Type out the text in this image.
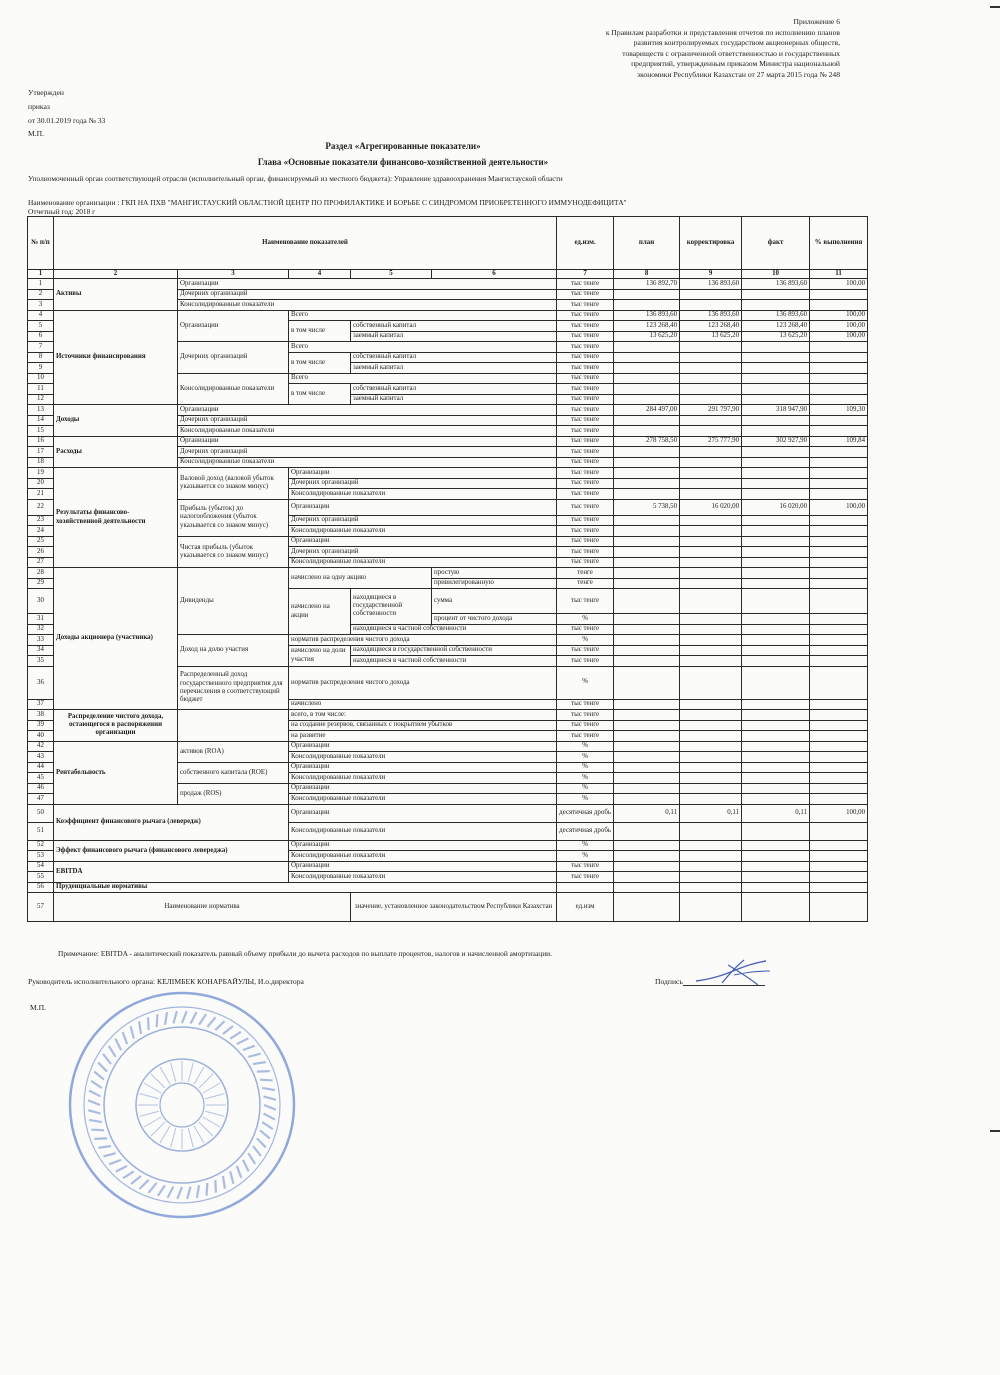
Приложение 6
к Правилам разработки и представления отчетов по исполнению планов
развития контролируемых государством акционерных обществ,
товариществ с ограниченной ответственностью и государственных
предприятий, утвержденным приказом Министра национальной
экономики Республики Казахстан от 27 марта 2015 года № 248
Утвержден
приказ
от 30.01.2019 года № 33
М.П.
Раздел «Агрегированные показатели»
Глава «Основные показатели финансово-хозяйственной деятельности»
Уполномоченный орган соответствующей отрасли (исполнительный орган, финансируемый из местного бюджета): Управление здравоохранения Мангистауской области
Наименование организации : ГКП НА ПХВ "МАНГИСТАУСКИЙ ОБЛАСТНОЙ ЦЕНТР ПО ПРОФИЛАКТИКЕ И БОРЬБЕ С СИНДРОМОМ ПРИОБРЕТЕННОГО ИММУНОДЕФИЦИТА"
Отчетный год: 2018 г
№ п/п	Наименование показателей					ед.изм.	план	корректировка	факт	% выполнения
1	2	3	4	5	6	7	8	9	10	11
1	Активы	Организации				тыс тенге	136 892,70	136 893,60	136 893,60	100,00
2		Дочерних организаций				тыс тенге				
3		Консолидированные показатели				тыс тенге				
4	Источники финансирования	Организации	Всего			тыс тенге	136 893,60	136 893,60	136 893,60	100,00
5			в том числе	собственный капитал		тыс тенге	123 268,40	123 268,40	123 268,40	100,00
6				заемный капитал		тыс тенге	13 625,20	13 625,20	13 625,20	100,00
7		Дочерних организаций	Всего			тыс тенге				
8			в том числе	собственный капитал		тыс тенге				
9				заемный капитал		тыс тенге				
10		Консолидированные показатели	Всего			тыс тенге				
11			в том числе	собственный капитал		тыс тенге				
12				заемный капитал		тыс тенге				
13	Доходы	Организации				тыс тенге	284 497,00	291 797,90	318 947,90	109,30
14		Дочерних организаций				тыс тенге				
15		Консолидированные показатели				тыс тенге				
16	Расходы	Организации				тыс тенге	278 758,50	275 777,90	302 927,90	109,84
17		Дочерних организаций				тыс тенге				
18		Консолидированные показатели				тыс тенге				
19	Результаты финансово-хозяйственной деятельности	Валовой доход (валовой убыток указывается со знаком минус)	Организации			тыс тенге				
20			Дочерних организаций			тыс тенге				
21			Консолидированные показатели			тыс тенге				
22		Прибыль (убыток) до налогообложения (убыток указывается со знаком минус)	Организации			тыс тенге	5 738,50	16 020,00	16 020,00	100,00
23			Дочерних организаций			тыс тенге				
24			Консолидированные показатели			тыс тенге				
25		Чистая прибыль (убыток указывается со знаком минус)	Организации			тыс тенге				
26			Дочерних организаций			тыс тенге				
27			Консолидированные показатели			тыс тенге				
28	Доходы акционера (участника)	Дивиденды	начислено на одну акцию		простую	тенге				
29					привилегированную	тенге				
30			начислено на акции	находящиеся в государственной собственности	сумма	тыс тенге				
31					процент от чистого дохода	%				
32				находящиеся в частной собственности		тыс тенге				
33		Доход на долю участия	норматив распределения чистого дохода			%				
34			начислено на доли участия	находящиеся в государственной собственности		тыс тенге				
35				находящиеся в частной собственности		тыс тенге				
36		Распределенный доход государственного предприятия для перечисления в соответствующий бюджет	норматив распределения чистого дохода			%				
37			начислено			тыс тенге				
38	Распределение чистого дохода, остающегося в распоряжении организации		всего, в том числе:			тыс тенге				
39			на создание резервов, связанных с покрытием убытков			тыс тенге				
40			на развитие			тыс тенге				
42	Рентабельность	активов (ROA)	Организации			%				
43			Консолидированные показатели			%				
44		собственного капитала (ROE)	Организации			%				
45			Консолидированные показатели			%				
46		продаж (ROS)	Организации			%				
47			Консолидированные показатели			%				
50	Коэффициент финансового рычага (левередж)		Организации			десятичная дробь	0,11	0,11	0,11	100,00
51			Консолидированные показатели			десятичная дробь				
52	Эффект финансового рычага (финансового левереджа)		Организации			%				
53			Консолидированные показатели			%				
54	EBITDA		Организации			тыс тенге				
55			Консолидированные показатели			тыс тенге				
56	Пруденциальные нормативы									
57	Наименование норматива			значение, установленное законодательством Республики Казахстан		ед.изм				
Примечание: EBITDA - аналитический показатель равный объему прибыли до вычета расходов по выплате процентов, налогов и начисленной амортизации.
Руководитель исполнительного органа: КЕЛІМБЕК КОНАРБАЙУЛЫ, И.о.директора	Подпись
М.П.
